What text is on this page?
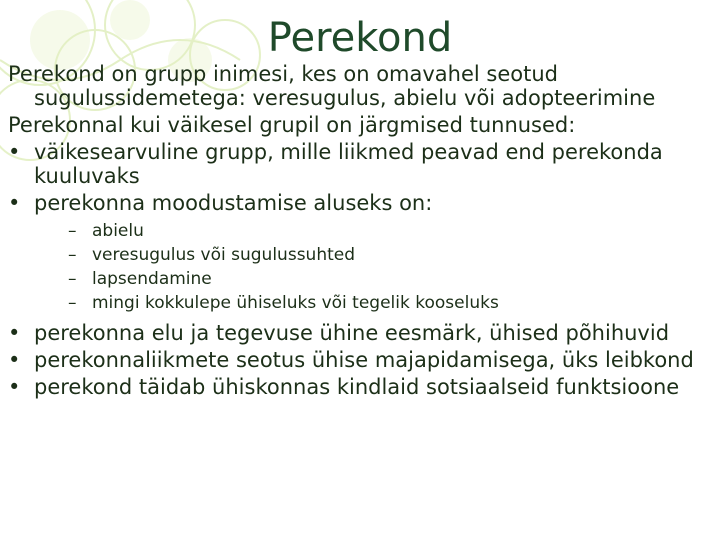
Perekond

Perekond on grupp inimesi, kes on omavahel seotud sugulussidemetega: veresugulus, abielu või adopteerimine

Perekonnal kui väikesel grupil on järgmised tunnused:

• väikesearvuline grupp, mille liikmed peavad end perekonda kuuluvaks
• perekonna moodustamise aluseks on:
– abielu
– veresugulus või sugulussuhted
– lapsendamine
– mingi kokkulepe ühiseluks või tegelik kooseluks
• perekonna elu ja tegevuse ühine eesmärk, ühised põhihuvid
• perekonnaliikmete seotus ühise majapidamisega, üks leibkond
• perekond täidab ühiskonnas kindlaid sotsiaalseid funktsioone
